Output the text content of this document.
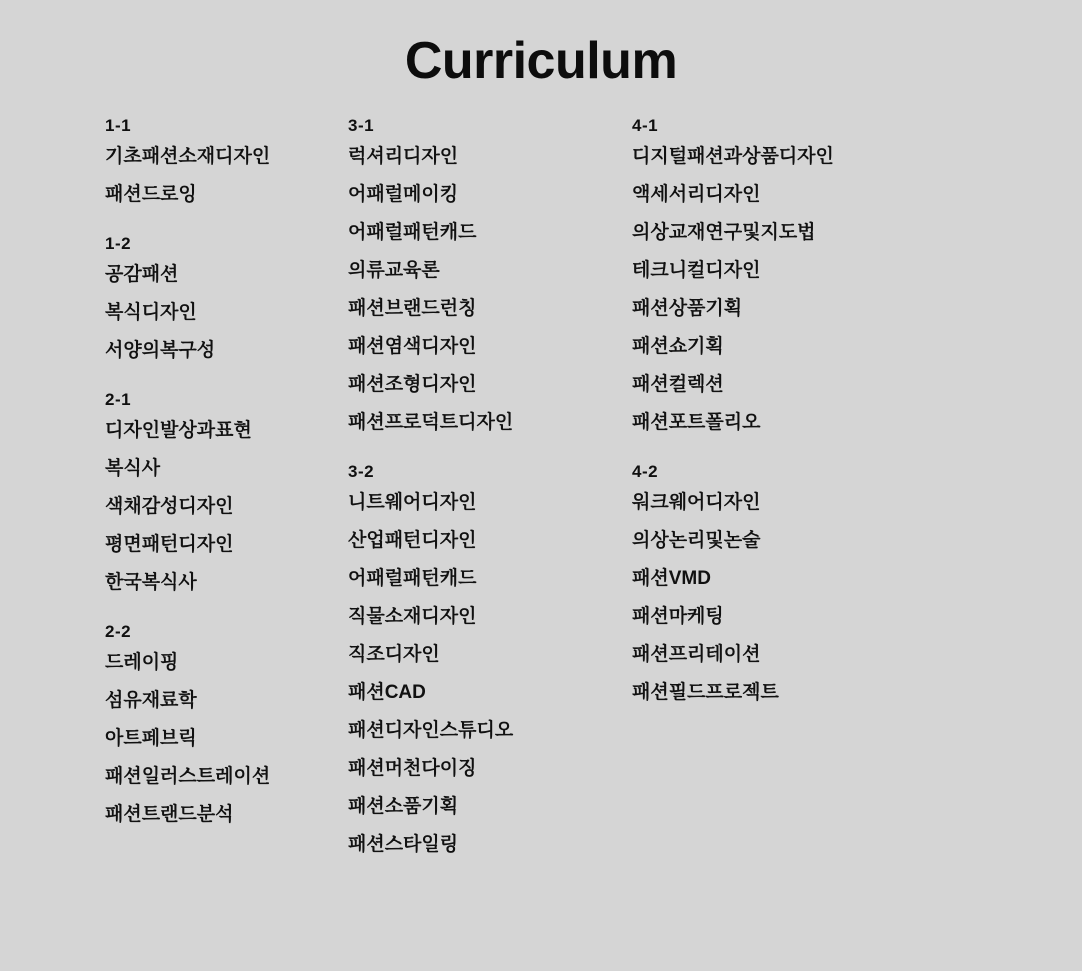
Curriculum
1-1
기초패션소재디자인
패션드로잉
1-2
공감패션
복식디자인
서양의복구성
2-1
디자인발상과표현
복식사
색채감성디자인
평면패턴디자인
한국복식사
2-2
드레이핑
섬유재료학
아트페브릭
패션일러스트레이션
패션트랜드분석
3-1
럭셔리디자인
어패럴메이킹
어패럴패턴캐드
의류교육론
패션브랜드런칭
패션염색디자인
패션조형디자인
패션프로덕트디자인
3-2
니트웨어디자인
산업패턴디자인
어패럴패턴캐드
직물소재디자인
직조디자인
패션CAD
패션디자인스튜디오
패션머천다이징
패션소품기획
패션스타일링
4-1
디지털패션과상품디자인
액세서리디자인
의상교재연구및지도법
테크니컬디자인
패션상품기획
패션쇼기획
패션컬렉션
패션포트폴리오
4-2
워크웨어디자인
의상논리및논술
패션VMD
패션마케팅
패션프리테이션
패션필드프로젝트
